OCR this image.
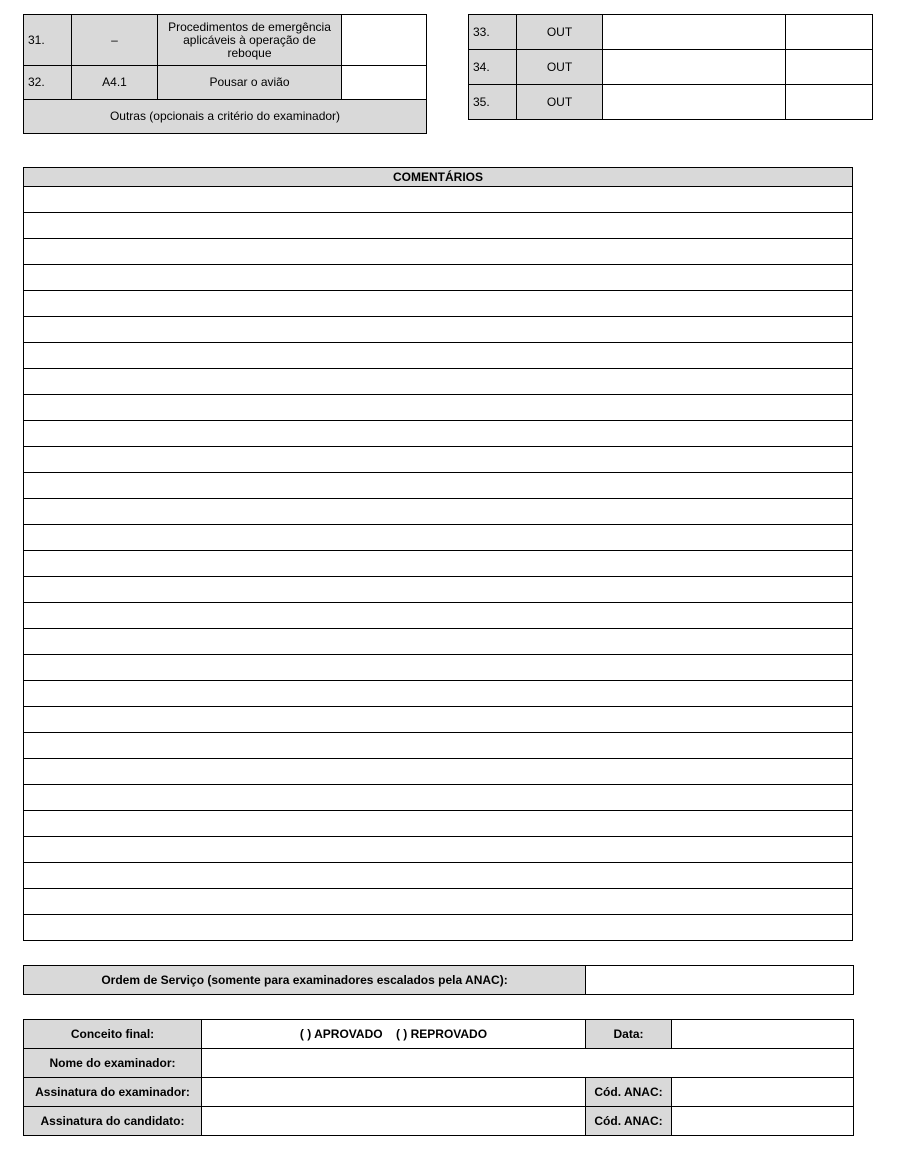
31.	–	Procedimentos de emergência aplicáveis à operação de reboque	
32.	A4.1	Pousar o avião	
Outras (opcionais a critério do examinador)			
33.	OUT		
34.	OUT		
35.	OUT		
COMENTÁRIOS

Ordem de Serviço (somente para examinadores escalados pela ANAC):	
Conceito final:	( ) APROVADO ( ) REPROVADO	Data:	
Nome do examinador:			
Assinatura do examinador:		Cód. ANAC:	
Assinatura do candidato:		Cód. ANAC:	
